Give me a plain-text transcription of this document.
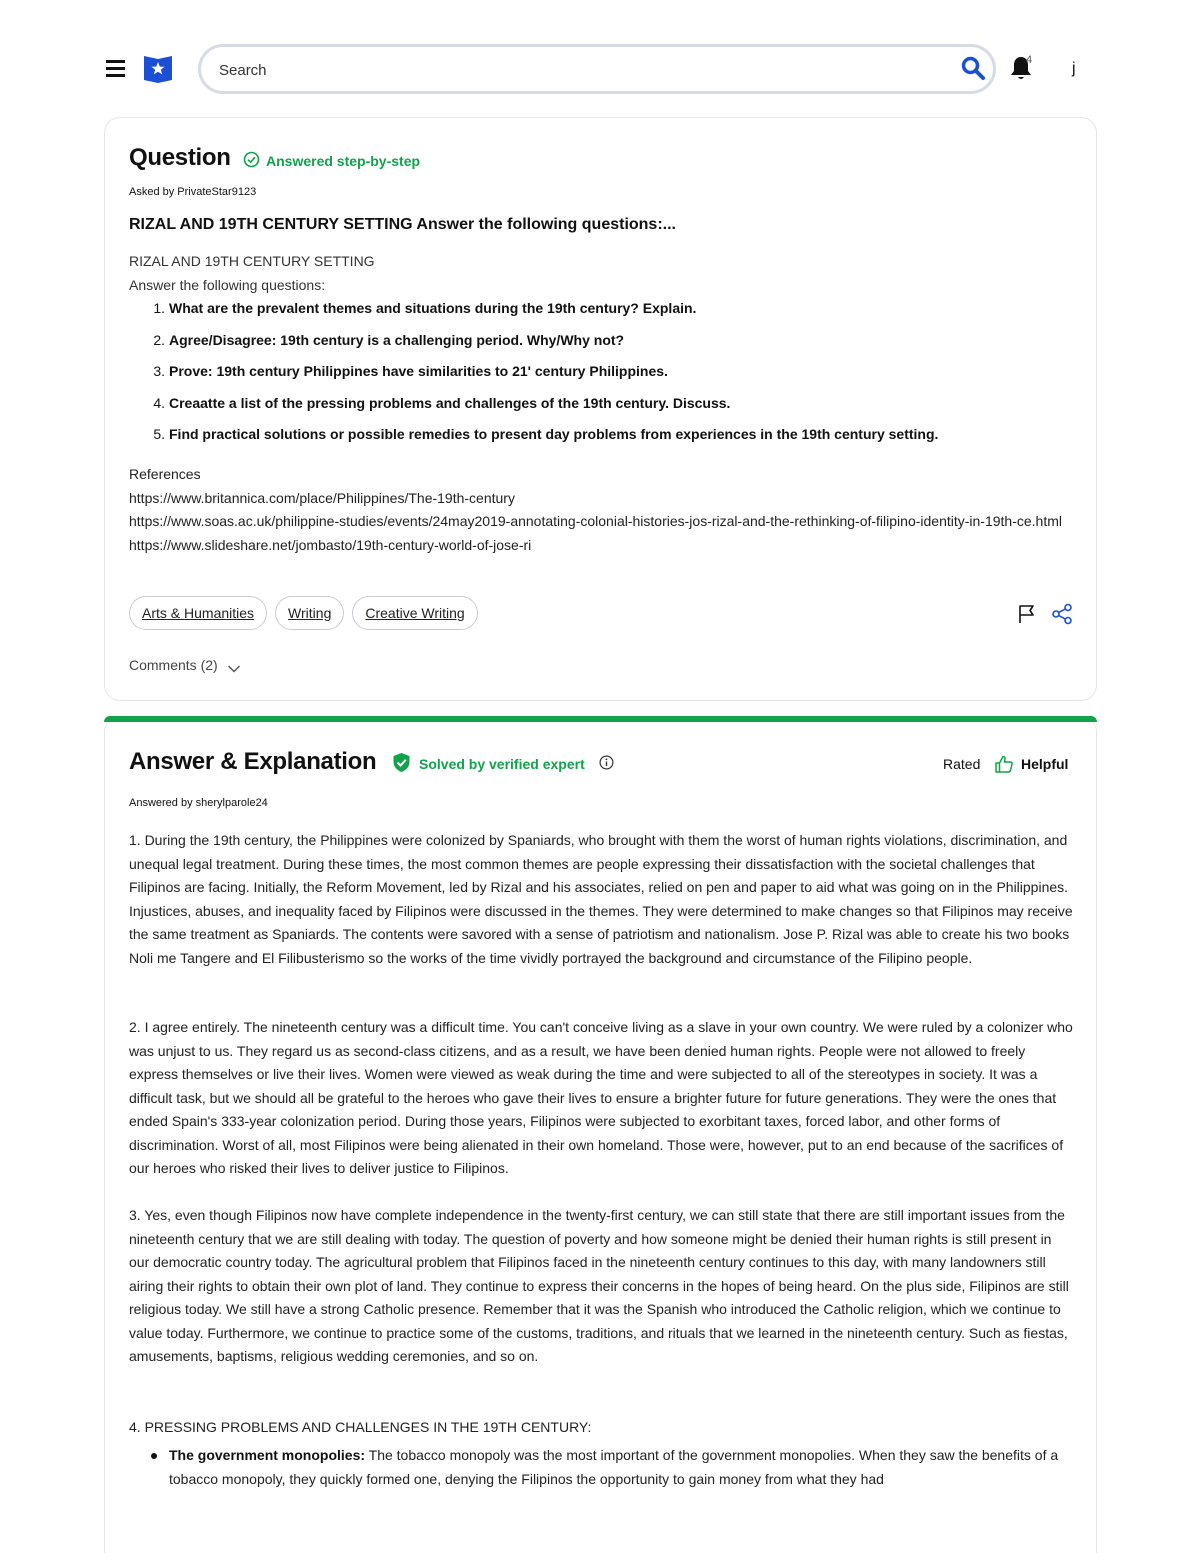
Search
4 j
Question	Answered step-by-step
Asked by PrivateStar9123
RIZAL AND 19TH CENTURY SETTING Answer the following questions:...
RIZAL AND 19TH CENTURY SETTING
Answer the following questions:
1. What are the prevalent themes and situations during the 19th century? Explain.
2. Agree/Disagree: 19th century is a challenging period. Why/Why not?
3. Prove: 19th century Philippines have similarities to 21' century Philippines.
4. Creaatte a list of the pressing problems and challenges of the 19th century. Discuss.
5. Find practical solutions or possible remedies to present day problems from experiences in the 19th century setting.
References
https://www.britannica.com/place/Philippines/The-19th-century
https://www.soas.ac.uk/philippine-studies/events/24may2019-annotating-colonial-histories-jos-rizal-and-the-rethinking-of-filipino-identity-in-19th-ce.html
https://www.slideshare.net/jombasto/19th-century-world-of-jose-ri
Arts & Humanities	Writing	Creative Writing
Comments (2)
Answer & Explanation	Solved by verified expert	Rated	Helpful
Answered by sherylparole24

1. During the 19th century, the Philippines were colonized by Spaniards, who brought with them the worst of human rights violations, discrimination, and unequal legal treatment. During these times, the most common themes are people expressing their dissatisfaction with the societal challenges that Filipinos are facing. Initially, the Reform Movement, led by Rizal and his associates, relied on pen and paper to aid what was going on in the Philippines. Injustices, abuses, and inequality faced by Filipinos were discussed in the themes. They were determined to make changes so that Filipinos may receive the same treatment as Spaniards. The contents were savored with a sense of patriotism and nationalism. Jose P. Rizal was able to create his two books Noli me Tangere and El Filibusterismo so the works of the time vividly portrayed the background and circumstance of the Filipino people.

2. I agree entirely. The nineteenth century was a difficult time. You can't conceive living as a slave in your own country. We were ruled by a colonizer who was unjust to us. They regard us as second-class citizens, and as a result, we have been denied human rights. People were not allowed to freely express themselves or live their lives. Women were viewed as weak during the time and were subjected to all of the stereotypes in society. It was a difficult task, but we should all be grateful to the heroes who gave their lives to ensure a brighter future for future generations. They were the ones that ended Spain's 333-year colonization period. During those years, Filipinos were subjected to exorbitant taxes, forced labor, and other forms of discrimination. Worst of all, most Filipinos were being alienated in their own homeland. Those were, however, put to an end because of the sacrifices of our heroes who risked their lives to deliver justice to Filipinos.

3. Yes, even though Filipinos now have complete independence in the twenty-first century, we can still state that there are still important issues from the nineteenth century that we are still dealing with today. The question of poverty and how someone might be denied their human rights is still present in our democratic country today. The agricultural problem that Filipinos faced in the nineteenth century continues to this day, with many landowners still airing their rights to obtain their own plot of land. They continue to express their concerns in the hopes of being heard. On the plus side, Filipinos are still religious today. We still have a strong Catholic presence. Remember that it was the Spanish who introduced the Catholic religion, which we continue to value today. Furthermore, we continue to practice some of the customs, traditions, and rituals that we learned in the nineteenth century. Such as fiestas, amusements, baptisms, religious wedding ceremonies, and so on.

4. PRESSING PROBLEMS AND CHALLENGES IN THE 19TH CENTURY:

The government monopolies: The tobacco monopoly was the most important of the government monopolies. When they saw the benefits of a tobacco monopoly, they quickly formed one, denying the Filipinos the opportunity to gain money from what they had
